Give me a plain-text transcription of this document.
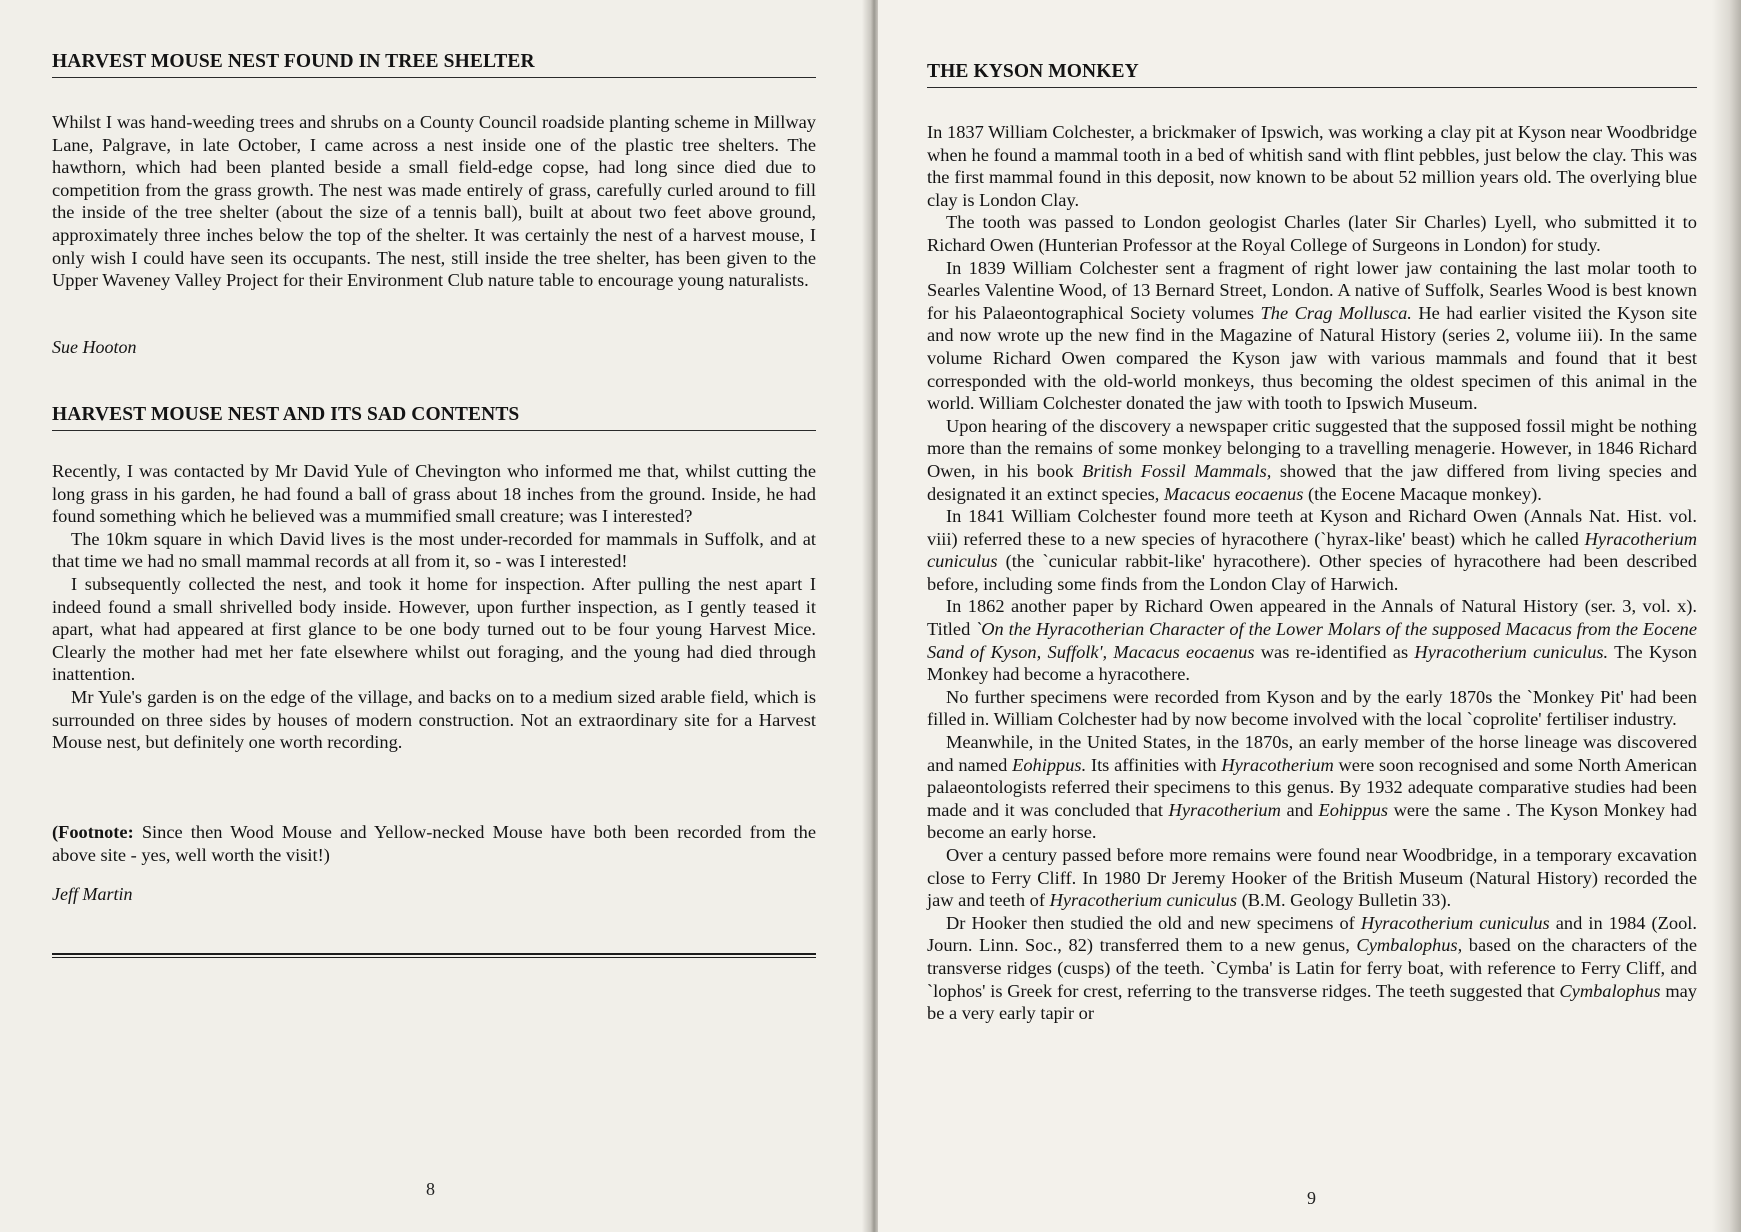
HARVEST MOUSE NEST FOUND IN TREE SHELTER

Whilst I was hand-weeding trees and shrubs on a County Council roadside planting scheme in Millway Lane, Palgrave, in late October, I came across a nest inside one of the plastic tree shelters. The hawthorn, which had been planted beside a small field-edge copse, had long since died due to competition from the grass growth. The nest was made entirely of grass, carefully curled around to fill the inside of the tree shelter (about the size of a tennis ball), built at about two feet above ground, approximately three inches below the top of the shelter. It was certainly the nest of a harvest mouse, I only wish I could have seen its occupants. The nest, still inside the tree shelter, has been given to the Upper Waveney Valley Project for their Environment Club nature table to encourage young naturalists.

Sue Hooton

HARVEST MOUSE NEST AND ITS SAD CONTENTS

Recently, I was contacted by Mr David Yule of Chevington who informed me that, whilst cutting the long grass in his garden, he had found a ball of grass about 18 inches from the ground. Inside, he had found something which he believed was a mummified small creature; was I interested?

The 10km square in which David lives is the most under-recorded for mammals in Suffolk, and at that time we had no small mammal records at all from it, so - was I interested!

I subsequently collected the nest, and took it home for inspection. After pulling the nest apart I indeed found a small shrivelled body inside. However, upon further inspection, as I gently teased it apart, what had appeared at first glance to be one body turned out to be four young Harvest Mice. Clearly the mother had met her fate elsewhere whilst out foraging, and the young had died through inattention.

Mr Yule's garden is on the edge of the village, and backs on to a medium sized arable field, which is surrounded on three sides by houses of modern construction. Not an extraordinary site for a Harvest Mouse nest, but definitely one worth recording.

(Footnote: Since then Wood Mouse and Yellow-necked Mouse have both been recorded from the above site - yes, well worth the visit!)

Jeff Martin

8
THE KYSON MONKEY

In 1837 William Colchester, a brickmaker of Ipswich, was working a clay pit at Kyson near Woodbridge when he found a mammal tooth in a bed of whitish sand with flint pebbles, just below the clay. This was the first mammal found in this deposit, now known to be about 52 million years old. The overlying blue clay is London Clay.

The tooth was passed to London geologist Charles (later Sir Charles) Lyell, who submitted it to Richard Owen (Hunterian Professor at the Royal College of Surgeons in London) for study.

In 1839 William Colchester sent a fragment of right lower jaw containing the last molar tooth to Searles Valentine Wood, of 13 Bernard Street, London. A native of Suffolk, Searles Wood is best known for his Palaeontographical Society volumes The Crag Mollusca. He had earlier visited the Kyson site and now wrote up the new find in the Magazine of Natural History (series 2, volume iii). In the same volume Richard Owen compared the Kyson jaw with various mammals and found that it best corresponded with the old-world monkeys, thus becoming the oldest specimen of this animal in the world. William Colchester donated the jaw with tooth to Ipswich Museum.

Upon hearing of the discovery a newspaper critic suggested that the supposed fossil might be nothing more than the remains of some monkey belonging to a travelling menagerie. However, in 1846 Richard Owen, in his book British Fossil Mammals, showed that the jaw differed from living species and designated it an extinct species, Macacus eocaenus (the Eocene Macaque monkey).

In 1841 William Colchester found more teeth at Kyson and Richard Owen (Annals Nat. Hist. vol. viii) referred these to a new species of hyracothere (`hyrax-like' beast) which he called Hyracotherium cuniculus (the `cunicular rabbit-like' hyracothere). Other species of hyracothere had been described before, including some finds from the London Clay of Harwich.

In 1862 another paper by Richard Owen appeared in the Annals of Natural History (ser. 3, vol. x). Titled `On the Hyracotherian Character of the Lower Molars of the supposed Macacus from the Eocene Sand of Kyson, Suffolk', Macacus eocaenus was re-identified as Hyracotherium cuniculus. The Kyson Monkey had become a hyracothere.

No further specimens were recorded from Kyson and by the early 1870s the `Monkey Pit' had been filled in. William Colchester had by now become involved with the local `coprolite' fertiliser industry.

Meanwhile, in the United States, in the 1870s, an early member of the horse lineage was discovered and named Eohippus. Its affinities with Hyracotherium were soon recognised and some North American palaeontologists referred their specimens to this genus. By 1932 adequate comparative studies had been made and it was concluded that Hyracotherium and Eohippus were the same . The Kyson Monkey had become an early horse.

Over a century passed before more remains were found near Woodbridge, in a temporary excavation close to Ferry Cliff. In 1980 Dr Jeremy Hooker of the British Museum (Natural History) recorded the jaw and teeth of Hyracotherium cuniculus (B.M. Geology Bulletin 33).

Dr Hooker then studied the old and new specimens of Hyracotherium cuniculus and in 1984 (Zool. Journ. Linn. Soc., 82) transferred them to a new genus, Cymbalophus, based on the characters of the transverse ridges (cusps) of the teeth. `Cymba' is Latin for ferry boat, with reference to Ferry Cliff, and `lophos' is Greek for crest, referring to the transverse ridges. The teeth suggested that Cymbalophus may be a very early tapir or

9
